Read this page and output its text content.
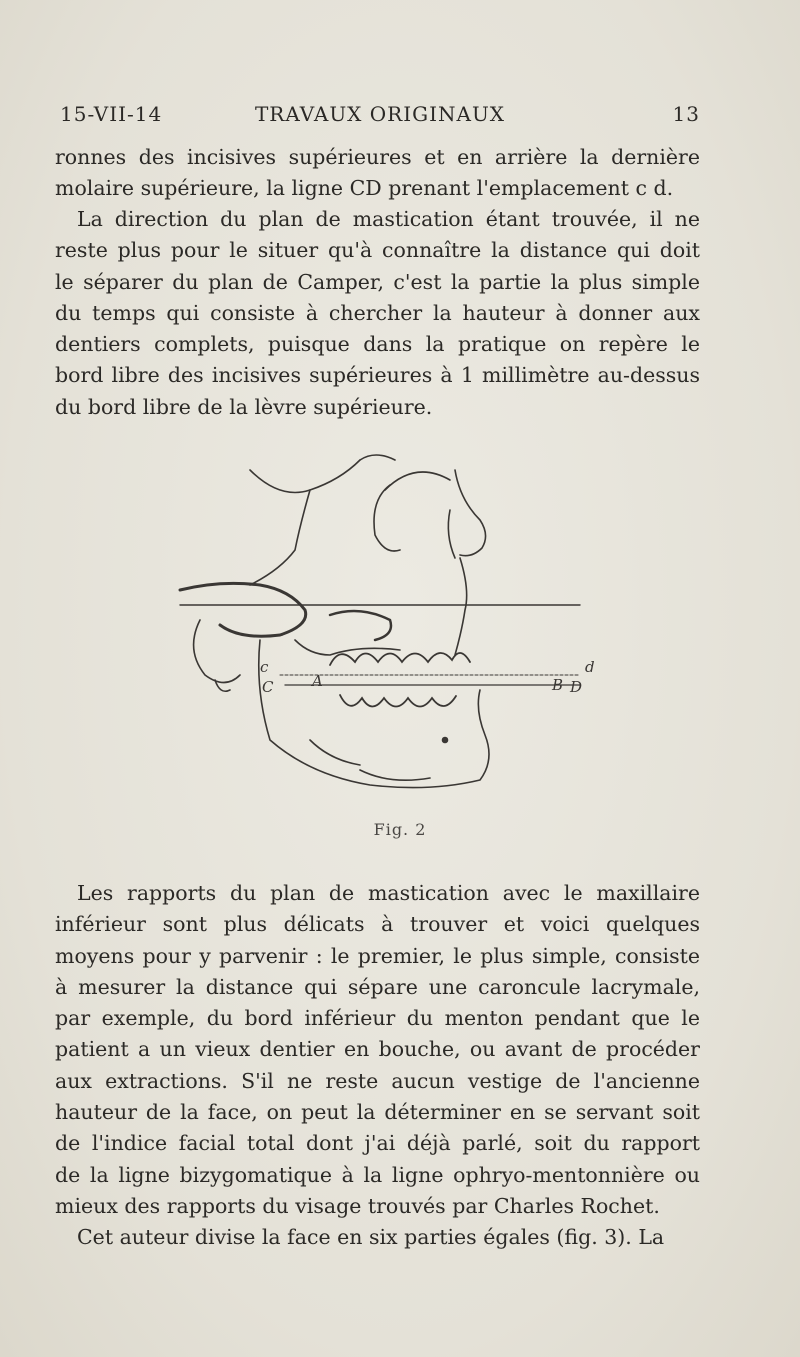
15-VII-14	TRAVAUX ORIGINAUX	13
ronnes des incisives supérieures et en arrière la dernière
molaire supérieure, la ligne CD prenant l'emplacement c d.
La direction du plan de mastication étant trouvée, il ne
reste plus pour le situer qu'à connaître la distance qui doit
le séparer du plan de Camper, c'est la partie la plus simple
du temps qui consiste à chercher la hauteur à donner aux
dentiers complets, puisque dans la pratique on repère le
bord libre des incisives supérieures à 1 millimètre au-dessus
du bord libre de la lèvre supérieure.
c
C	A
d
B D
Fig. 2
Les rapports du plan de mastication avec le maxillaire
inférieur sont plus délicats à trouver et voici quelques
moyens pour y parvenir : le premier, le plus simple, consiste
à mesurer la distance qui sépare une caroncule lacrymale,
par exemple, du bord inférieur du menton pendant que le
patient a un vieux dentier en bouche, ou avant de procéder
aux extractions. S'il ne reste aucun vestige de l'ancienne
hauteur de la face, on peut la déterminer en se servant soit
de l'indice facial total dont j'ai déjà parlé, soit du rapport
de la ligne bizygomatique à la ligne ophryo-mentonnière ou
mieux des rapports du visage trouvés par Charles Rochet.
Cet auteur divise la face en six parties égales (fig. 3). La
